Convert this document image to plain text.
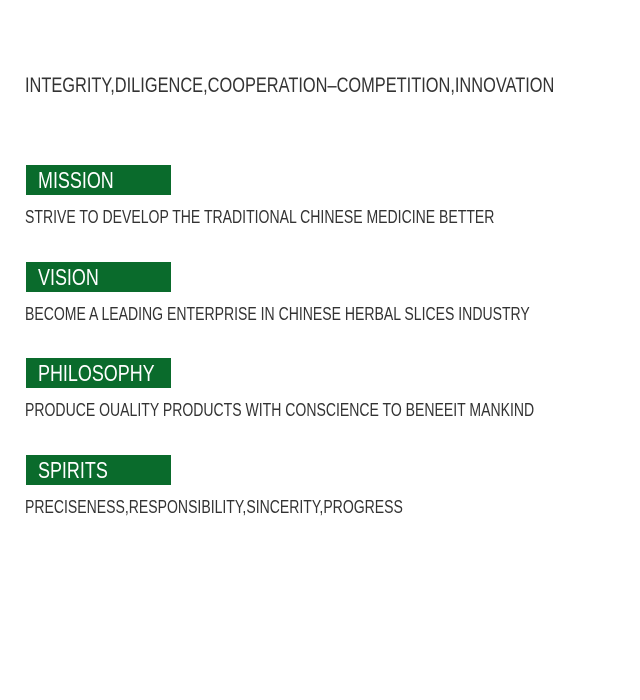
INTEGRITY,DILIGENCE,COOPERATION–COMPETITION,INNOVATION
MISSION

STRIVE TO DEVELOP THE TRADITIONAL CHINESE MEDICINE BETTER

VISION

BECOME A LEADING ENTERPRISE IN CHINESE HERBAL SLICES INDUSTRY

PHILOSOPHY

PRODUCE OUALITY PRODUCTS WITH CONSCIENCE TO BENEEIT MANKIND

SPIRITS

PRECISENESS,RESPONSIBILITY,SINCERITY,PROGRESS
